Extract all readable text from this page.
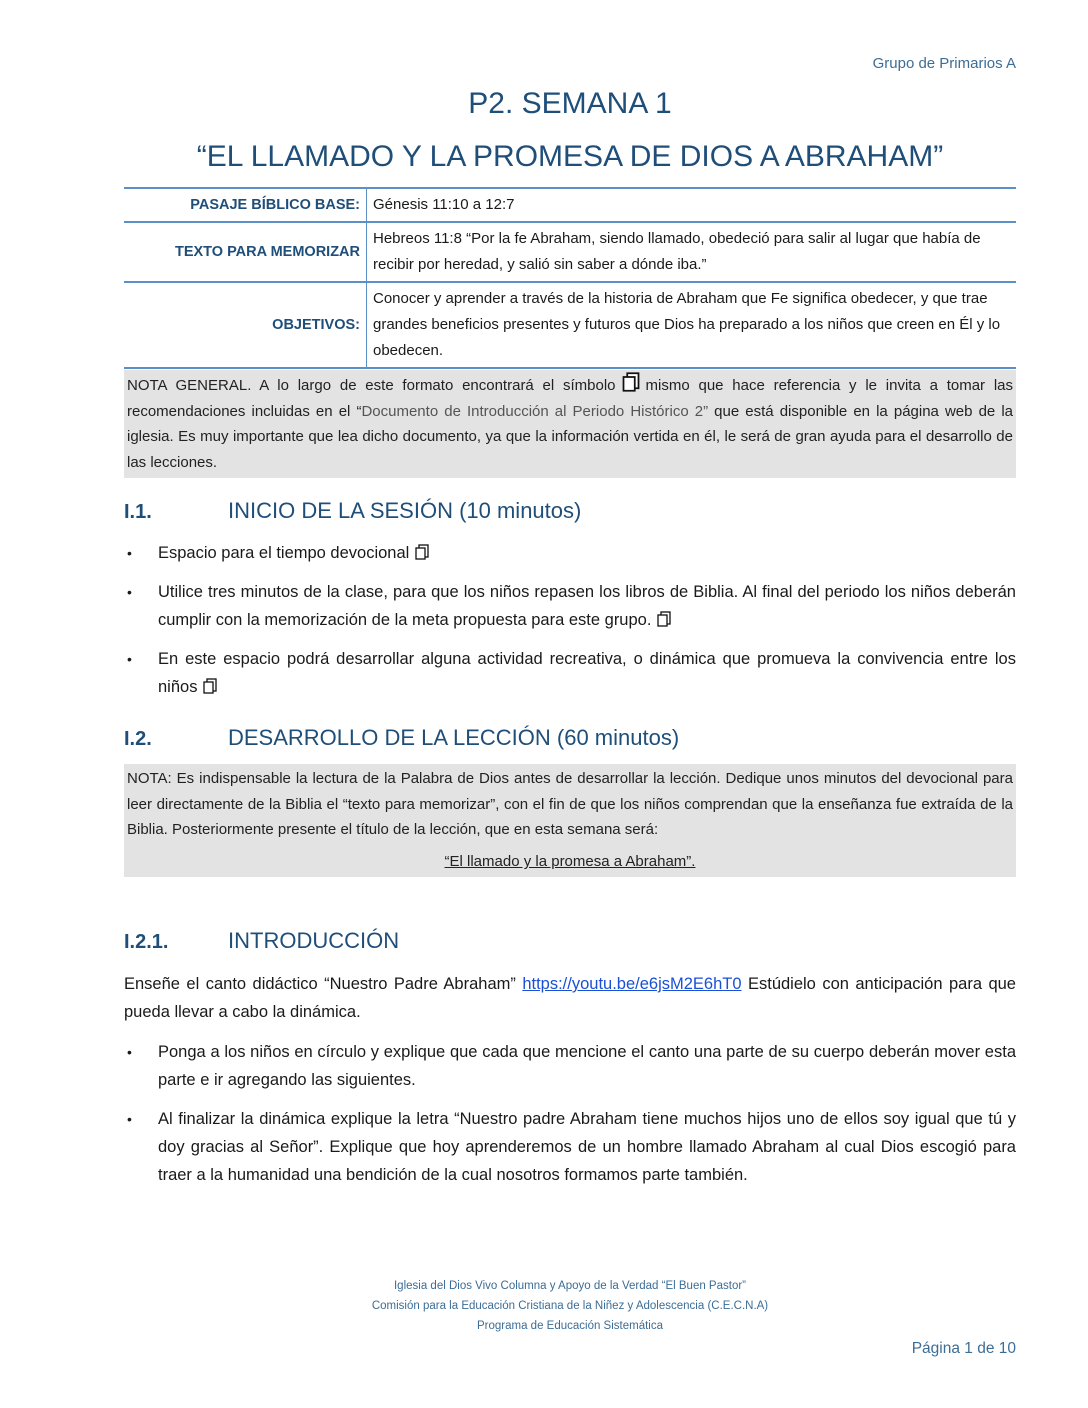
Grupo de Primarios A
P2. SEMANA 1
“EL LLAMADO Y LA PROMESA DE DIOS A ABRAHAM”
PASAJE BÍBLICO BASE:	Génesis 11:10 a 12:7
TEXTO PARA MEMORIZAR	Hebreos 11:8 “Por la fe Abraham, siendo llamado, obedeció para salir al lugar que había de recibir por heredad, y salió sin saber a dónde iba.”
OBJETIVOS:	Conocer y aprender a través de la historia de Abraham que Fe significa obedecer, y que trae grandes beneficios presentes y futuros que Dios ha preparado a los niños que creen en Él y lo obedecen.
NOTA GENERAL. A lo largo de este formato encontrará el símbolo mismo que hace referencia y le invita a tomar las recomendaciones incluidas en el “Documento de Introducción al Periodo Histórico 2” que está disponible en la página web de la iglesia. Es muy importante que lea dicho documento, ya que la información vertida en él, le será de gran ayuda para el desarrollo de las lecciones.
I.1.	INICIO DE LA SESIÓN (10 minutos)
• Espacio para el tiempo devocional
• Utilice tres minutos de la clase, para que los niños repasen los libros de Biblia. Al final del periodo los niños deberán cumplir con la memorización de la meta propuesta para este grupo.
• En este espacio podrá desarrollar alguna actividad recreativa, o dinámica que promueva la convivencia entre los niños
I.2.	DESARROLLO DE LA LECCIÓN (60 minutos)
NOTA: Es indispensable la lectura de la Palabra de Dios antes de desarrollar la lección. Dedique unos minutos del devocional para leer directamente de la Biblia el “texto para memorizar”, con el fin de que los niños comprendan que la enseñanza fue extraída de la Biblia. Posteriormente presente el título de la lección, que en esta semana será:
“El llamado y la promesa a Abraham”.
I.2.1.	INTRODUCCIÓN
Enseñe el canto didáctico “Nuestro Padre Abraham” https://youtu.be/e6jsM2E6hT0 Estúdielo con anticipación para que pueda llevar a cabo la dinámica.
• Ponga a los niños en círculo y explique que cada que mencione el canto una parte de su cuerpo deberán mover esta parte e ir agregando las siguientes.
• Al finalizar la dinámica explique la letra “Nuestro padre Abraham tiene muchos hijos uno de ellos soy igual que tú y doy gracias al Señor”. Explique que hoy aprenderemos de un hombre llamado Abraham al cual Dios escogió para traer a la humanidad una bendición de la cual nosotros formamos parte también.
Iglesia del Dios Vivo Columna y Apoyo de la Verdad “El Buen Pastor”
Comisión para la Educación Cristiana de la Niñez y Adolescencia (C.E.C.N.A)
Programa de Educación Sistemática
Página 1 de 10
